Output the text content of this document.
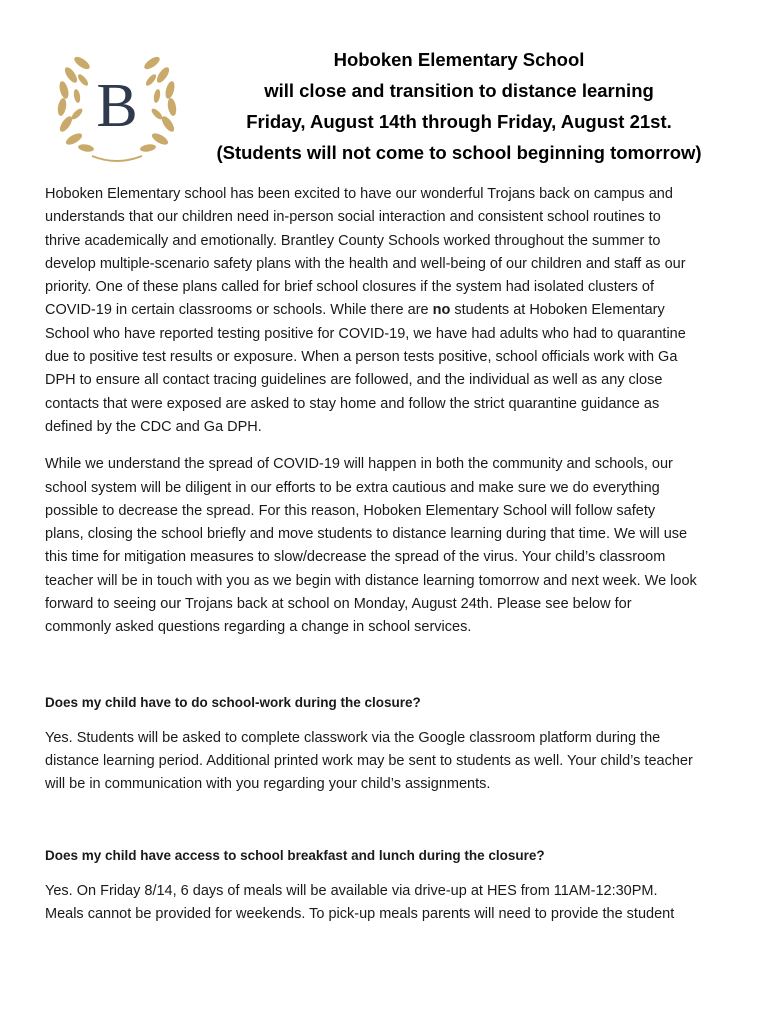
B
Hoboken Elementary School
will close and transition to distance learning
Friday, August 14th through Friday, August 21st.
(Students will not come to school beginning tomorrow)

Hoboken Elementary school has been excited to have our wonderful Trojans back on campus and
understands that our children need in-person social interaction and consistent school routines to
thrive academically and emotionally. Brantley County Schools worked throughout the summer to
develop multiple-scenario safety plans with the health and well-being of our children and staff as our
priority. One of these plans called for brief school closures if the system had isolated clusters of
COVID-19 in certain classrooms or schools. While there are no students at Hoboken Elementary
School who have reported testing positive for COVID-19, we have had adults who had to quarantine
due to positive test results or exposure. When a person tests positive, school officials work with Ga
DPH to ensure all contact tracing guidelines are followed, and the individual as well as any close
contacts that were exposed are asked to stay home and follow the strict quarantine guidance as
defined by the CDC and Ga DPH.

While we understand the spread of COVID-19 will happen in both the community and schools, our
school system will be diligent in our efforts to be extra cautious and make sure we do everything
possible to decrease the spread. For this reason, Hoboken Elementary School will follow safety
plans, closing the school briefly and move students to distance learning during that time. We will use
this time for mitigation measures to slow/decrease the spread of the virus. Your child’s classroom
teacher will be in touch with you as we begin with distance learning tomorrow and next week. We look
forward to seeing our Trojans back at school on Monday, August 24th. Please see below for
commonly asked questions regarding a change in school services.

Does my child have to do school-work during the closure?

Yes. Students will be asked to complete classwork via the Google classroom platform during the
distance learning period. Additional printed work may be sent to students as well. Your child’s teacher
will be in communication with you regarding your child’s assignments.

Does my child have access to school breakfast and lunch during the closure?

Yes. On Friday 8/14, 6 days of meals will be available via drive-up at HES from 11AM-12:30PM.
Meals cannot be provided for weekends. To pick-up meals parents will need to provide the student
